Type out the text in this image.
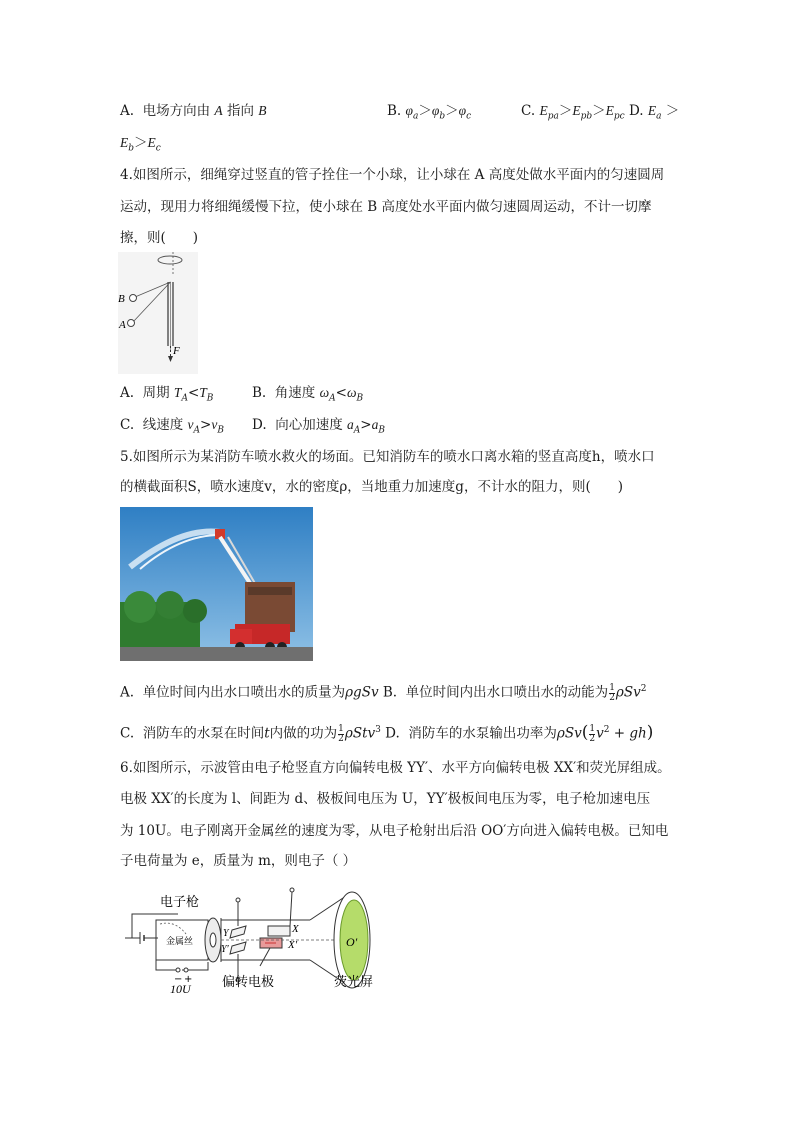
A.  电场方向由 A 指向 B	B. $\varphi_a>\varphi_b>\varphi_c$	C. $E_{pa}>E_{pb}>E_{pc}$ D. $E_a$ ＞
$E_b>E_c$
4.如图所示，细绳穿过竖直的管子拴住一个小球，让小球在 A 高度处做水平面内的匀速圆周
运动，现用力将细绳缓慢下拉，使小球在 B 高度处水平面内做匀速圆周运动，不计一切摩
擦，则(　　)
B
A
F
A.  周期 $T_A<T_B$	B.  角速度 $\omega_A<\omega_B$
C.  线速度 $v_A>v_B$ D.  向心加速度 $a_A>a_B$
5.如图所示为某消防车喷水救火的场面。已知消防车的喷水口离水箱的竖直高度h，喷水口
的横截面积S，喷水速度v，水的密度ρ，当地重力加速度g，不计水的阻力，则(　　)
A.  单位时间内出水口喷出水的质量为ρgSv B.  单位时间内出水口喷出水的动能为 $\frac{1}{2} \rho Sv^2$
C.  消防车的水泵在时间t内做的功为 $\frac{1}{2} \rho Stv^3$ D.  消防车的水泵输出功率为$\rho Sv( \frac{1}{2} v^2 + gh)$
6.如图所示，示波管由电子枪竖直方向偏转电极 YY′、水平方向偏转电极 XX′和荧光屏组成。
电极 XX′的长度为 l、间距为 d、极板间电压为 U，YY′极板间电压为零，电子枪加速电压
为 10U。电子刚离开金属丝的速度为零，从电子枪射出后沿 OO′方向进入偏转电极。已知电
子电荷量为 e，质量为 m，则电子（ ）
电子枪
金属丝
− +
10U
Y
Y′
X
X′	O′
偏转电极	荧光屏
